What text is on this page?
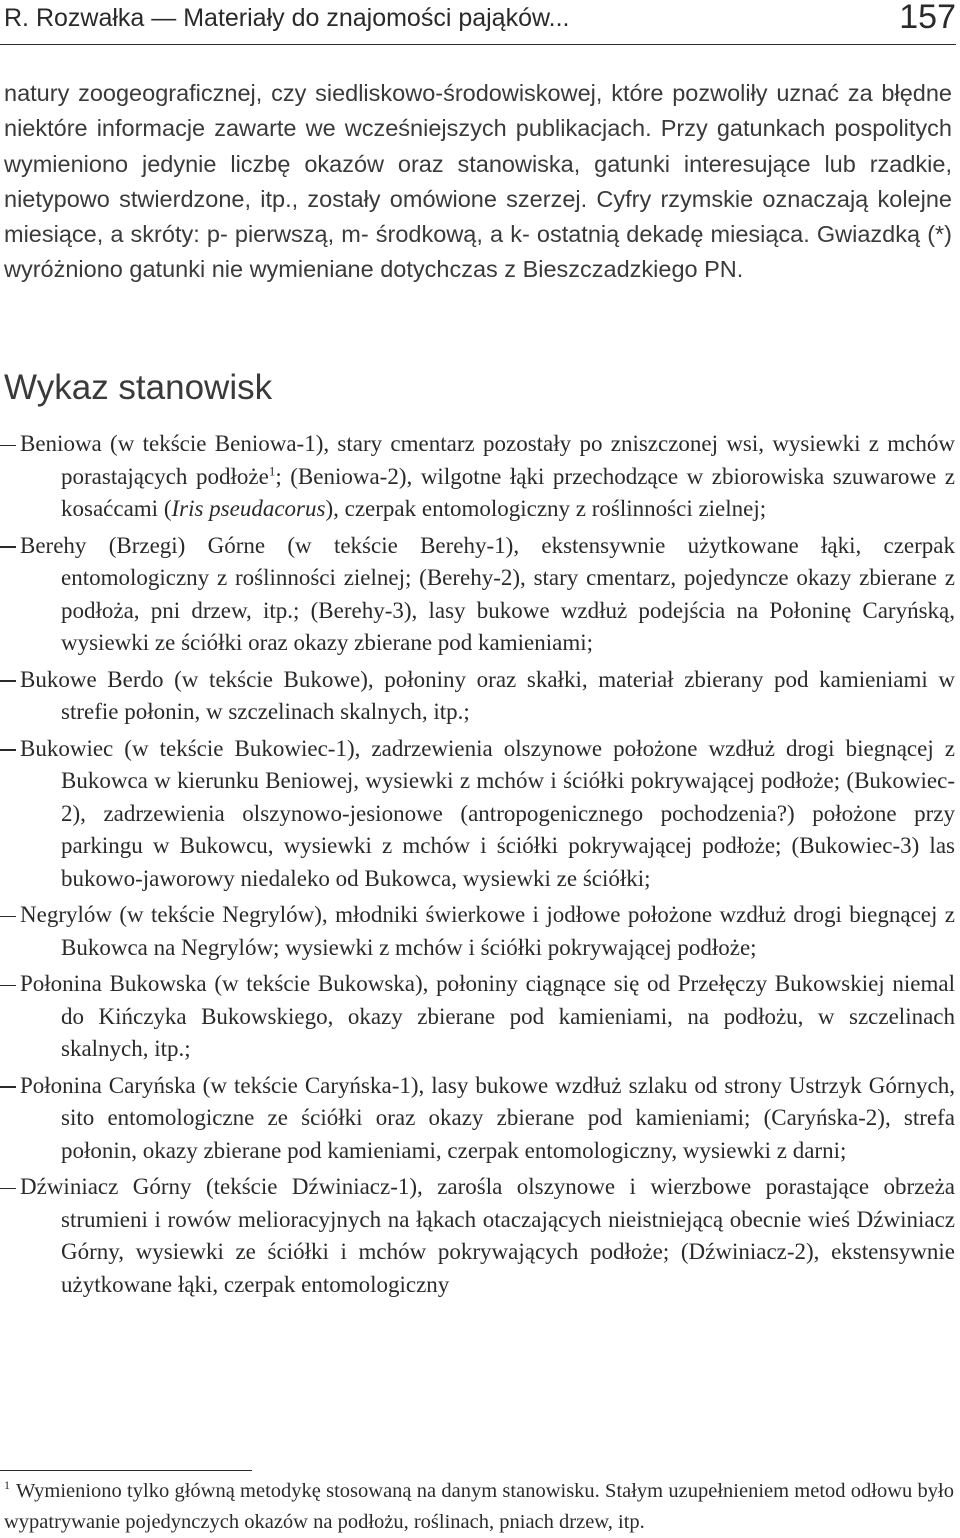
R. Rozwałka — Materiały do znajomości pająków...	157

natury zoogeograficznej, czy siedliskowo-środowiskowej, które pozwoliły uznać za błędne niektóre informacje zawarte we wcześniejszych publikacjach. Przy gatunkach pospolitych wymieniono jedynie liczbę okazów oraz stanowiska, gatunki interesujące lub rzadkie, nietypowo stwierdzone, itp., zostały omówione szerzej. Cyfry rzymskie oznaczają kolejne miesiące, a skróty: p- pierwszą, m- środkową, a k- ostatnią dekadę miesiąca. Gwiazdką (*) wyróżniono gatunki nie wymieniane dotychczas z Bieszczadzkiego PN.

Wykaz stanowisk
Beniowa (w tekście Beniowa-1), stary cmentarz pozostały po zniszczonej wsi, wysiewki z mchów porastających podłoże$^1$; (Beniowa-2), wilgotne łąki przechodzące w zbiorowiska szuwarowe z kosaćcami (Iris pseudacorus), czerpak entomologiczny z roślinności zielnej;
Berehy (Brzegi) Górne (w tekście Berehy-1), ekstensywnie użytkowane łąki, czerpak entomologiczny z roślinności zielnej; (Berehy-2), stary cmentarz, pojedyncze okazy zbierane z podłoża, pni drzew, itp.; (Berehy-3), lasy bukowe wzdłuż podejścia na Połoninę Caryńską, wysiewki ze ściółki oraz okazy zbierane pod kamieniami;
Bukowe Berdo (w tekście Bukowe), połoniny oraz skałki, materiał zbierany pod kamieniami w strefie połonin, w szczelinach skalnych, itp.;
Bukowiec (w tekście Bukowiec-1), zadrzewienia olszynowe położone wzdłuż drogi biegnącej z Bukowca w kierunku Beniowej, wysiewki z mchów i ściółki pokrywającej podłoże; (Bukowiec-2), zadrzewienia olszynowo-jesionowe (antropogenicznego pochodzenia?) położone przy parkingu w Bukowcu, wysiewki z mchów i ściółki pokrywającej podłoże; (Bukowiec-3) las bukowo-jaworowy niedaleko od Bukowca, wysiewki ze ściółki;
Negrylów (w tekście Negrylów), młodniki świerkowe i jodłowe położone wzdłuż drogi biegnącej z Bukowca na Negrylów; wysiewki z mchów i ściółki pokrywającej podłoże;
Połonina Bukowska (w tekście Bukowska), połoniny ciągnące się od Przełęczy Bukowskiej niemal do Kińczyka Bukowskiego, okazy zbierane pod kamieniami, na podłożu, w szczelinach skalnych, itp.;
Połonina Caryńska (w tekście Caryńska-1), lasy bukowe wzdłuż szlaku od strony Ustrzyk Górnych, sito entomologiczne ze ściółki oraz okazy zbierane pod kamieniami; (Caryńska-2), strefa połonin, okazy zbierane pod kamieniami, czerpak entomologiczny, wysiewki z darni;
Dźwiniacz Górny (tekście Dźwiniacz-1), zarośla olszynowe i wierzbowe porastające obrzeża strumieni i rowów melioracyjnych na łąkach otaczających nieistniejącą obecnie wieś Dźwiniacz Górny, wysiewki ze ściółki i mchów pokrywających podłoże; (Dźwiniacz-2), ekstensywnie użytkowane łąki, czerpak entomologiczny

$^1$ Wymieniono tylko główną metodykę stosowaną na danym stanowisku. Stałym uzupełnieniem metod odłowu było wypatrywanie pojedynczych okazów na podłożu, roślinach, pniach drzew, itp.
